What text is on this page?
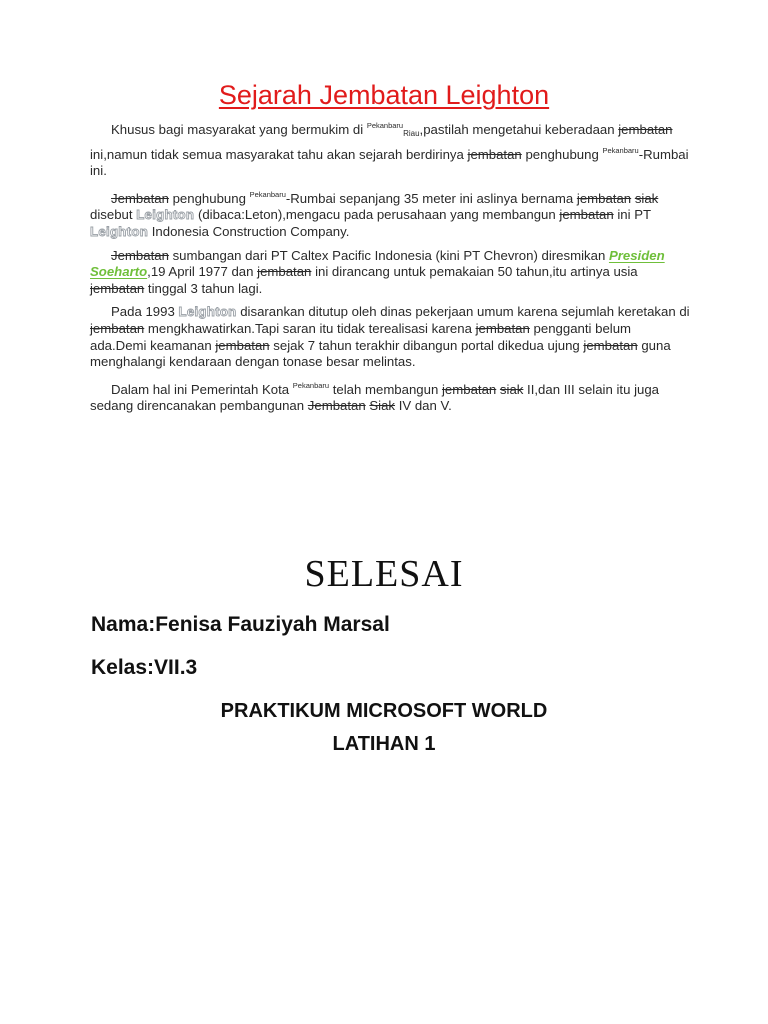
Sejarah Jembatan Leighton

Khusus bagi masyarakat yang bermukim di $^{Pekanbaru}_{Riau}$,pastilah mengetahui keberadaan jembatan ini,namun tidak semua masyarakat tahu akan sejarah berdirinya jembatan penghubung $^{Pekanbaru}$-Rumbai ini.

Jembatan penghubung $^{Pekanbaru}$-Rumbai sepanjang 35 meter ini aslinya bernama jembatan siak disebut Leighton (dibaca:Leton),mengacu pada perusahaan yang membangun jembatan ini PT Leighton Indonesia Construction Company.

Jembatan sumbangan dari PT Caltex Pacific Indonesia (kini PT Chevron) diresmikan Presiden Soeharto,19 April 1977 dan jembatan ini dirancang untuk pemakaian 50 tahun,itu artinya usia jembatan tinggal 3 tahun lagi.

Pada 1993 Leighton disarankan ditutup oleh dinas pekerjaan umum karena sejumlah keretakan di jembatan mengkhawatirkan.Tapi saran itu tidak terealisasi karena jembatan pengganti belum ada.Demi keamanan jembatan sejak 7 tahun terakhir dibangun portal dikedua ujung jembatan guna menghalangi kendaraan dengan tonase besar melintas.

Dalam hal ini Pemerintah Kota $^{Pekanbaru}$ telah membangun jembatan siak II,dan III selain itu juga sedang direncanakan pembangunan Jembatan Siak IV dan V.

SELESAI
Nama:Fenisa Fauziyah Marsal
Kelas:VII.3
PRAKTIKUM MICROSOFT WORLD
LATIHAN 1
